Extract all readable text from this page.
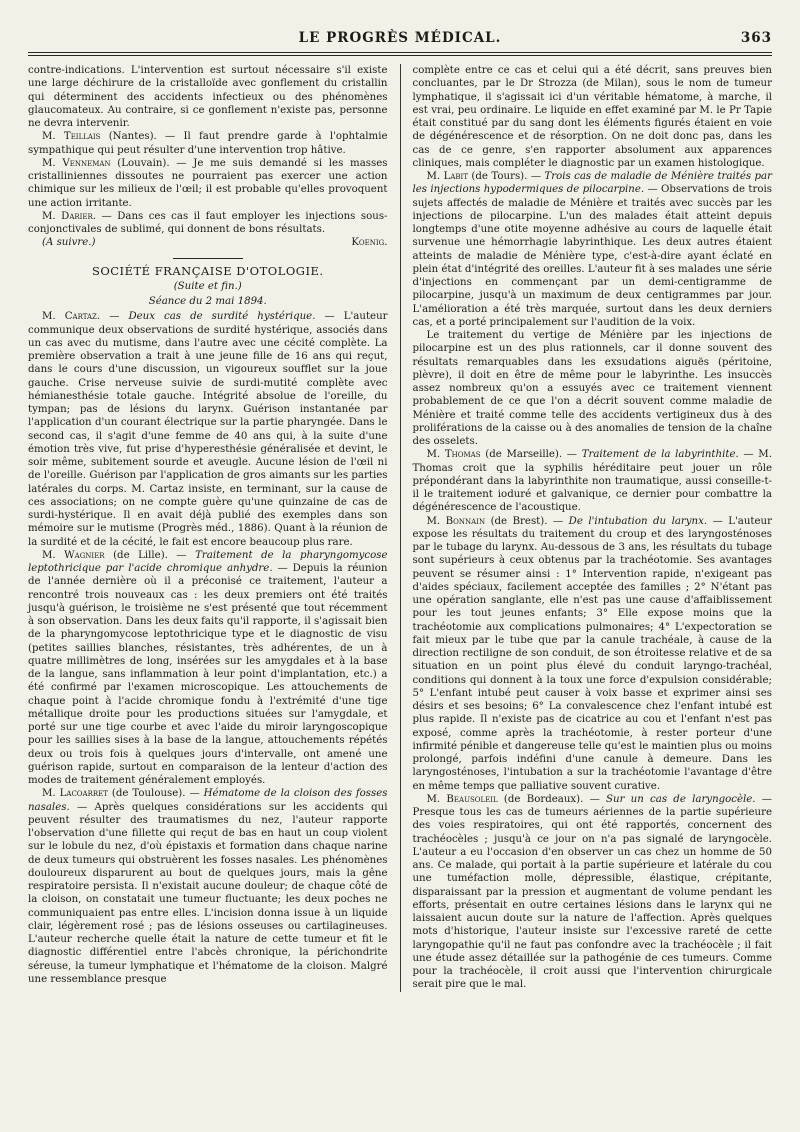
LE PROGRÈS MÉDICAL.	363

contre-indications. L'intervention est surtout nécessaire s'il existe une large déchirure de la cristalloïde avec gonflement du cristallin qui déterminent des accidents infectieux ou des phénomènes glaucomateux. Au contraire, si ce gonflement n'existe pas, personne ne devra intervenir.

M. Teillais (Nantes). — Il faut prendre garde à l'ophtalmie sympathique qui peut résulter d'une intervention trop hâtive.

M. Venneman (Louvain). — Je me suis demandé si les masses cristalliniennes dissoutes ne pourraient pas exercer une action chimique sur les milieux de l'œil; il est probable qu'elles provoquent une action irritante.

M. Darier. — Dans ces cas il faut employer les injections sous-conjonctivales de sublimé, qui donnent de bons résultats.

(A suivre.)	Koenig.
SOCIÉTÉ FRANÇAISE D'OTOLOGIE.
(Suite et fin.)
Séance du 2 mai 1894.

M. Cartaz. — Deux cas de surdité hystérique. — L'auteur communique deux observations de surdité hystérique, associés dans un cas avec du mutisme, dans l'autre avec une cécité complète. La première observation a trait à une jeune fille de 16 ans qui reçut, dans le cours d'une discussion, un vigoureux soufflet sur la joue gauche. Crise nerveuse suivie de surdi-mutité complète avec hémianesthésie totale gauche. Intégrité absolue de l'oreille, du tympan; pas de lésions du larynx. Guérison instantanée par l'application d'un courant électrique sur la partie pharyngée. Dans le second cas, il s'agit d'une femme de 40 ans qui, à la suite d'une émotion très vive, fut prise d'hyperesthésie généralisée et devint, le soir même, subitement sourde et aveugle. Aucune lésion de l'œil ni de l'oreille. Guérison par l'application de gros aimants sur les parties latérales du corps. M. Cartaz insiste, en terminant, sur la cause de ces associations; on ne compte guère qu'une quinzaine de cas de surdi-hystérique. Il en avait déjà publié des exemples dans son mémoire sur le mutisme (Progrès méd., 1886). Quant à la réunion de la surdité et de la cécité, le fait est encore beaucoup plus rare.

M. Wagnier (de Lille). — Traitement de la pharyngomycose leptothricique par l'acide chromique anhydre. — Depuis la réunion de l'année dernière où il a préconisé ce traitement, l'auteur a rencontré trois nouveaux cas : les deux premiers ont été traités jusqu'à guérison, le troisième ne s'est présenté que tout récemment à son observation. Dans les deux faits qu'il rapporte, il s'agissait bien de la pharyngomycose leptothricique type et le diagnostic de visu (petites saillies blanches, résistantes, très adhérentes, de un à quatre millimètres de long, insérées sur les amygdales et à la base de la langue, sans inflammation à leur point d'implantation, etc.) a été confirmé par l'examen microscopique. Les attouchements de chaque point à l'acide chromique fondu à l'extrémité d'une tige métallique droite pour les productions situées sur l'amygdale, et porté sur une tige courbe et avec l'aide du miroir laryngoscopique pour les saillies sises à la base de la langue, attouchements répétés deux ou trois fois à quelques jours d'intervalle, ont amené une guérison rapide, surtout en comparaison de la lenteur d'action des modes de traitement généralement employés.

M. Lacoarret (de Toulouse). — Hématome de la cloison des fosses nasales. — Après quelques considérations sur les accidents qui peuvent résulter des traumatismes du nez, l'auteur rapporte l'observation d'une fillette qui reçut de bas en haut un coup violent sur le lobule du nez, d'où épistaxis et formation dans chaque narine de deux tumeurs qui obstruèrent les fosses nasales. Les phénomènes douloureux disparurent au bout de quelques jours, mais la gêne respiratoire persista. Il n'existait aucune douleur; de chaque côté de la cloison, on constatait une tumeur fluctuante; les deux poches ne communiquaient pas entre elles. L'incision donna issue à un liquide clair, légèrement rosé ; pas de lésions osseuses ou cartilagineuses. L'auteur recherche quelle était la nature de cette tumeur et fit le diagnostic différentiel entre l'abcès chronique, la périchondrite séreuse, la tumeur lymphatique et l'hématome de la cloison. Malgré une ressemblance presque

complète entre ce cas et celui qui a été décrit, sans preuves bien concluantes, par le Dr Strozza (de Milan), sous le nom de tumeur lymphatique, il s'agissait ici d'un véritable hématome, à marche, il est vrai, peu ordinaire. Le liquide en effet examiné par M. le Pr Tapie était constitué par du sang dont les éléments figurés étaient en voie de dégénérescence et de résorption. On ne doit donc pas, dans les cas de ce genre, s'en rapporter absolument aux apparences cliniques, mais compléter le diagnostic par un examen histologique.

M. Labit (de Tours). — Trois cas de maladie de Ménière traités par les injections hypodermiques de pilocarpine. — Observations de trois sujets affectés de maladie de Ménière et traités avec succès par les injections de pilocarpine. L'un des malades était atteint depuis longtemps d'une otite moyenne adhésive au cours de laquelle était survenue une hémorrhagie labyrinthique. Les deux autres étaient atteints de maladie de Ménière type, c'est-à-dire ayant éclaté en plein état d'intégrité des oreilles. L'auteur fit à ses malades une série d'injections en commençant par un demi-centigramme de pilocarpine, jusqu'à un maximum de deux centigrammes par jour. L'amélioration a été très marquée, surtout dans les deux derniers cas, et a porté principalement sur l'audition de la voix.

Le traitement du vertige de Ménière par les injections de pilocarpine est un des plus rationnels, car il donne souvent des résultats remarquables dans les exsudations aiguës (péritoine, plèvre), il doit en être de même pour le labyrinthe. Les insuccès assez nombreux qu'on a essuyés avec ce traitement viennent probablement de ce que l'on a décrit souvent comme maladie de Ménière et traité comme telle des accidents vertigineux dus à des proliférations de la caisse ou à des anomalies de tension de la chaîne des osselets.

M. Thomas (de Marseille). — Traitement de la labyrinthite. — M. Thomas croit que la syphilis héréditaire peut jouer un rôle prépondérant dans la labyrinthite non traumatique, aussi conseille-t-il le traitement ioduré et galvanique, ce dernier pour combattre la dégénérescence de l'acoustique.

M. Bonnain (de Brest). — De l'intubation du larynx. — L'auteur expose les résultats du traitement du croup et des laryngosténoses par le tubage du larynx. Au-dessous de 3 ans, les résultats du tubage sont supérieurs à ceux obtenus par la trachéotomie. Ses avantages peuvent se résumer ainsi : 1° Intervention rapide, n'exigeant pas d'aides spéciaux, facilement acceptée des familles ; 2° N'étant pas une opération sanglante, elle n'est pas une cause d'affaiblissement pour les tout jeunes enfants; 3° Elle expose moins que la trachéotomie aux complications pulmonaires; 4° L'expectoration se fait mieux par le tube que par la canule trachéale, à cause de la direction rectiligne de son conduit, de son étroitesse relative et de sa situation en un point plus élevé du conduit laryngo-trachéal, conditions qui donnent à la toux une force d'expulsion considérable; 5° L'enfant intubé peut causer à voix basse et exprimer ainsi ses désirs et ses besoins; 6° La convalescence chez l'enfant intubé est plus rapide. Il n'existe pas de cicatrice au cou et l'enfant n'est pas exposé, comme après la trachéotomie, à rester porteur d'une infirmité pénible et dangereuse telle qu'est le maintien plus ou moins prolongé, parfois indéfini d'une canule à demeure. Dans les laryngosténoses, l'intubation a sur la trachéotomie l'avantage d'être en même temps que palliative souvent curative.

M. Beausoleil (de Bordeaux). — Sur un cas de laryngocèle. — Presque tous les cas de tumeurs aériennes de la partie supérieure des voies respiratoires, qui ont été rapportés, concernent des trachéocèles ; jusqu'à ce jour on n'a pas signalé de laryngocèle. L'auteur a eu l'occasion d'en observer un cas chez un homme de 50 ans. Ce malade, qui portait à la partie supérieure et latérale du cou une tuméfaction molle, dépressible, élastique, crépitante, disparaissant par la pression et augmentant de volume pendant les efforts, présentait en outre certaines lésions dans le larynx qui ne laissaient aucun doute sur la nature de l'affection. Après quelques mots d'historique, l'auteur insiste sur l'excessive rareté de cette laryngopathie qu'il ne faut pas confondre avec la trachéocèle ; il fait une étude assez détaillée sur la pathogénie de ces tumeurs. Comme pour la trachéocèle, il croit aussi que l'intervention chirurgicale serait pire que le mal.
